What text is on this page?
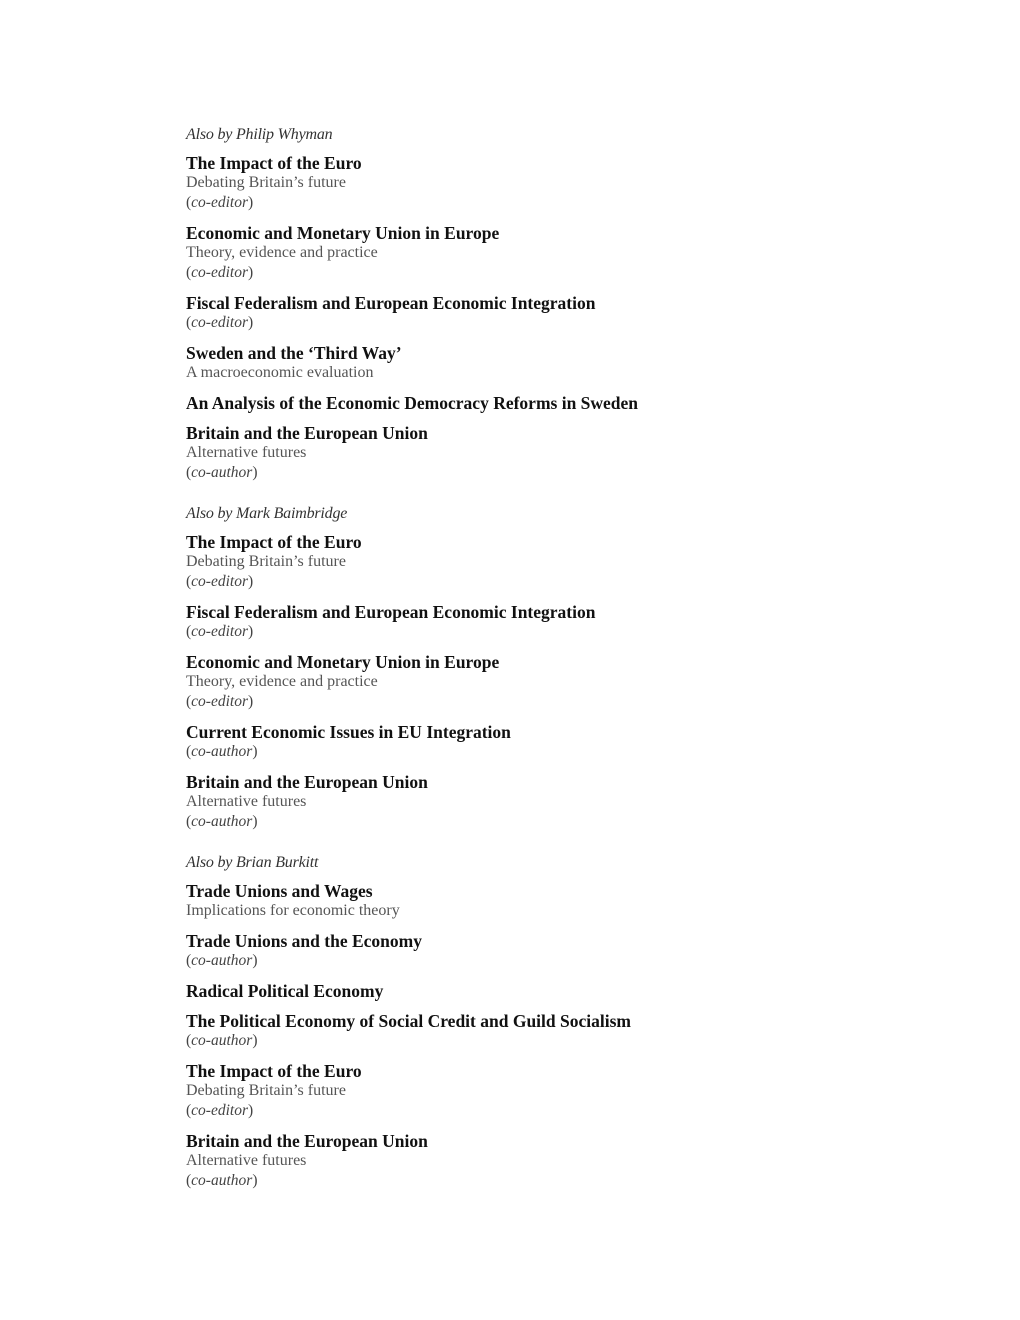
Also by Philip Whyman
The Impact of the Euro
Debating Britain’s future
(co-editor)
Economic and Monetary Union in Europe
Theory, evidence and practice
(co-editor)
Fiscal Federalism and European Economic Integration
(co-editor)
Sweden and the ‘Third Way’
A macroeconomic evaluation
An Analysis of the Economic Democracy Reforms in Sweden
Britain and the European Union
Alternative futures
(co-author)
Also by Mark Baimbridge
The Impact of the Euro
Debating Britain’s future
(co-editor)
Fiscal Federalism and European Economic Integration
(co-editor)
Economic and Monetary Union in Europe
Theory, evidence and practice
(co-editor)
Current Economic Issues in EU Integration
(co-author)
Britain and the European Union
Alternative futures
(co-author)
Also by Brian Burkitt
Trade Unions and Wages
Implications for economic theory
Trade Unions and the Economy
(co-author)
Radical Political Economy
The Political Economy of Social Credit and Guild Socialism
(co-author)
The Impact of the Euro
Debating Britain’s future
(co-editor)
Britain and the European Union
Alternative futures
(co-author)
